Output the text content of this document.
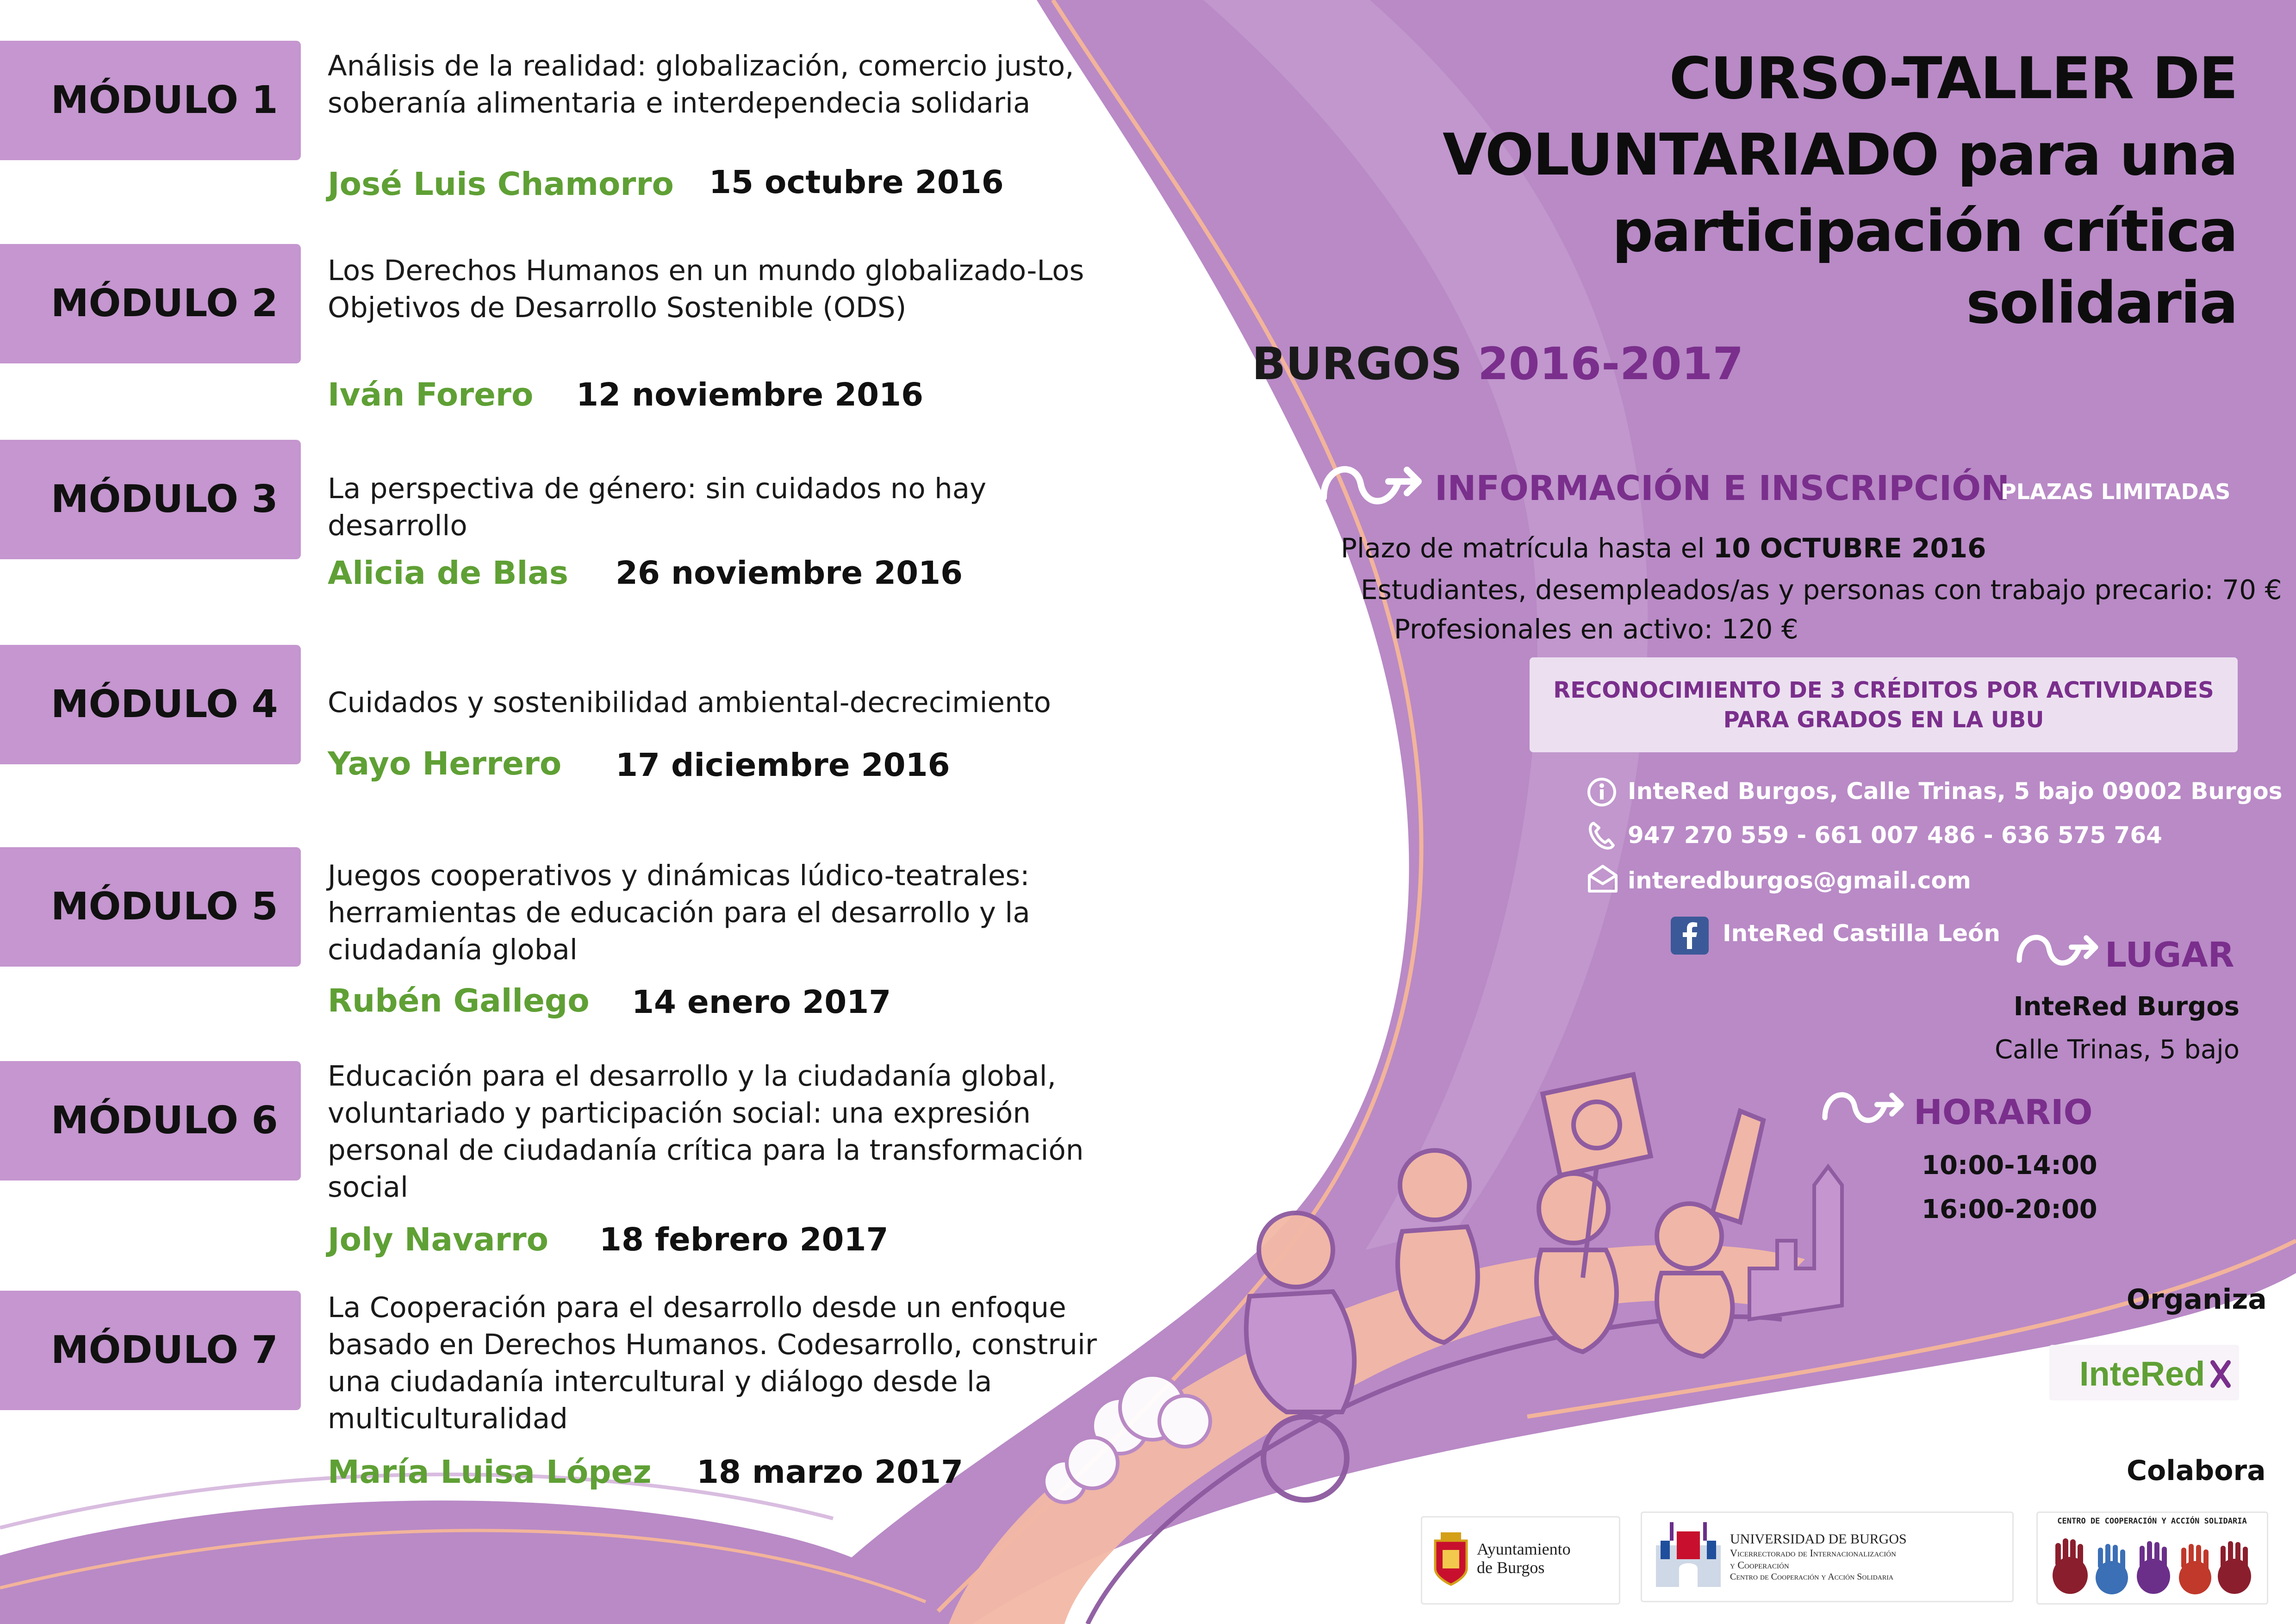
MÓDULO 1
Análisis de la realidad: globalización, comercio justo, soberanía alimentaria e interdependecia solidaria
José Luis Chamorro 15 octubre 2016
MÓDULO 2
Los Derechos Humanos en un mundo globalizado-Los Objetivos de Desarrollo Sostenible (ODS)
Iván Forero 12 noviembre 2016
MÓDULO 3 La perspectiva de género: sin cuidados no hay desarrollo
Alicia de Blas 26 noviembre 2016
MÓDULO 4 Cuidados y sostenibilidad ambiental-decrecimiento
Yayo Herrero 17 diciembre 2016
MÓDULO 5
Juegos cooperativos y dinámicas lúdico-teatrales: herramientas de educación para el desarrollo y la ciudadanía global
Rubén Gallego 14 enero 2017
MÓDULO 6
Educación para el desarrollo y la ciudadanía global, voluntariado y participación social: una expresión personal de ciudadanía crítica para la transformación social
Joly Navarro 18 febrero 2017
MÓDULO 7
La Cooperación para el desarrollo desde un enfoque basado en Derechos Humanos. Codesarrollo, construir una ciudadanía intercultural y diálogo desde la multiculturalidad
María Luisa López 18 marzo 2017
CURSO-TALLER DE
VOLUNTARIADO para una
participación crítica
solidaria
BURGOS 2016-2017
INFORMACIÓN E INSCRIPCIÓN
PLAZAS LIMITADAS
Plazo de matrícula hasta el 10 OCTUBRE 2016
Estudiantes, desempleados/as y personas con trabajo precario: 70 €
Profesionales en activo: 120 €
RECONOCIMIENTO DE 3 CRÉDITOS POR ACTIVIDADES
PARA GRADOS EN LA UBU
InteRed Burgos, Calle Trinas, 5 bajo 09002 Burgos
947 270 559 - 661 007 486 - 636 575 764
interedburgos@gmail.com
InteRed Castilla León
LUGAR
InteRed Burgos
Calle Trinas, 5 bajo
HORARIO
10:00-14:00
16:00-20:00
Organiza
InteRed
Colabora
Ayuntamiento
de Burgos
UNIVERSIDAD DE BURGOS
Vicerrectorado de Internacionalización
y Cooperación
Centro de Cooperación y Acción Solidaria
CENTRO DE COOPERACIÓN Y ACCIÓN SOLIDARIA
